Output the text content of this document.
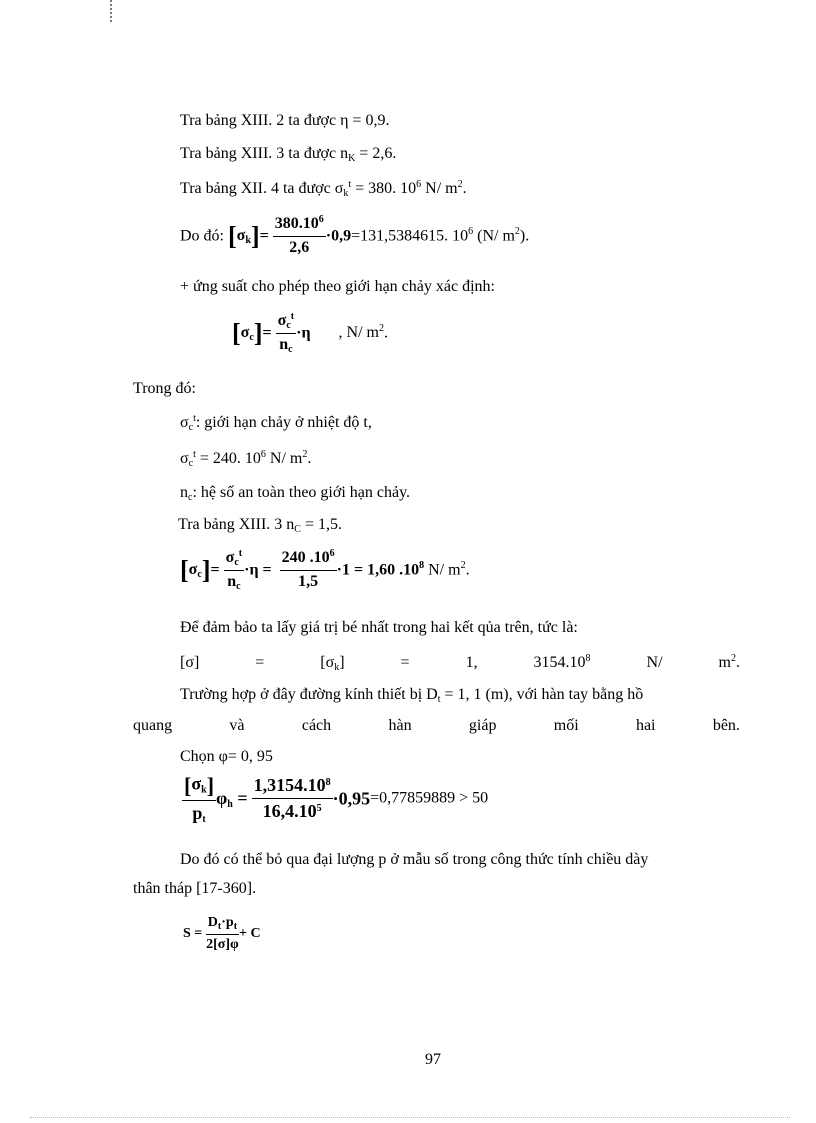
Tra bảng XIII. 2 ta được η = 0,9.
Tra bảng XIII. 3 ta được $n_K = 2,6$.
Tra bảng XII. 4 ta được $\sigma_k^t = 380$. $10^6$ N/ $m^2$.
Do đó: $[\sigma_k]= \frac{380.10^6}{2,6} \cdot 0,9=131,5384615$. $10^6$ (N/ $m^2$).
+ ứng suất cho phép theo giới hạn chảy xác định:
$[\sigma_c]= \frac{\sigma_c^t}{n_c} \cdot\eta$ , N/ $m^2$.
Trong đó:
$\sigma_c^t$: giới hạn chảy ở nhiệt độ t,
$\sigma_c^t = 240$. $10^6$ N/ $m^2$.
$n_c$: hệ số an toàn theo giới hạn chảy.
Tra bảng XIII. 3 $n_C = 1,5$.
$[\sigma_c]= \frac{\sigma_c^t}{n_c} \cdot\eta = \frac{240 .10^6}{1,5} \cdot 1 = 1,60$ $.10^8$ N/ $m^2$.
Để đảm bảo ta lấy giá trị bé nhất trong hai kết qủa trên, tức là:
[σ]	=	$[\sigma_k]$	=	1,	3154.10$^8$	N/	$m^2$.
Trường hợp ở đây đường kính thiết bị $D_t = 1$, 1 (m), với hàn tay bằng hồ
quang	và	cách	hàn	giáp	mối	hai	bên.
Chọn φ= 0, 95
$\frac{[\sigma_k]}{p_t} \varphi_h = \frac{1,3154.10^8}{16,4.10^5} \cdot 0,95=0,77859889 > 50$
Do đó có thể bỏ qua đại lượng p ở mẫu số trong công thức tính chiều dày
thân tháp [17-360].
$S = \frac{D_t\cdot p_t}{2[\sigma]\varphi} + C$
97
